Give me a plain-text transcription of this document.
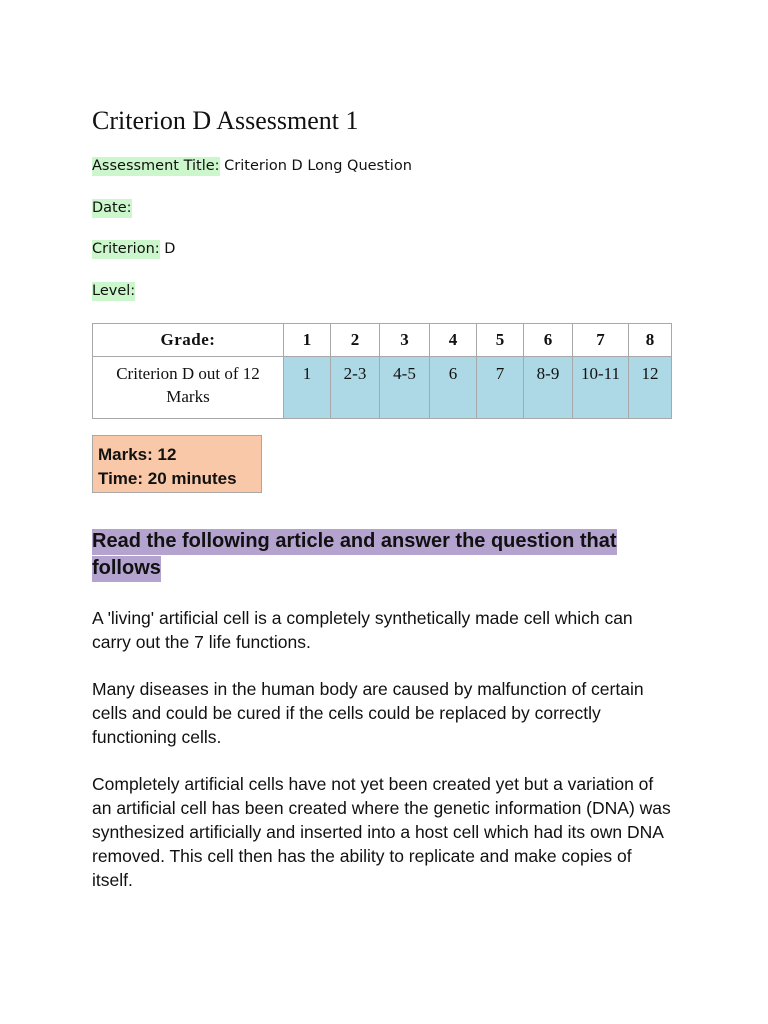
Criterion D Assessment 1
Assessment Title: Criterion D Long Question
Date:
Criterion: D
Level:
Grade:	1	2	3	4	5	6	7	8
Criterion D out of 12 Marks	1	2-3	4-5	6	7	8-9	10-11	12
Marks: 12
Time: 20 minutes
Read the following article and answer the question that follows
A 'living' artificial cell is a completely synthetically made cell which can carry out the 7 life functions.
Many diseases in the human body are caused by malfunction of certain cells and could be cured if the cells could be replaced by correctly functioning cells.
Completely artificial cells have not yet been created yet but a variation of an artificial cell has been created where the genetic information (DNA) was synthesized artificially and inserted into a host cell which had its own DNA removed. This cell then has the ability to replicate and make copies of itself.
